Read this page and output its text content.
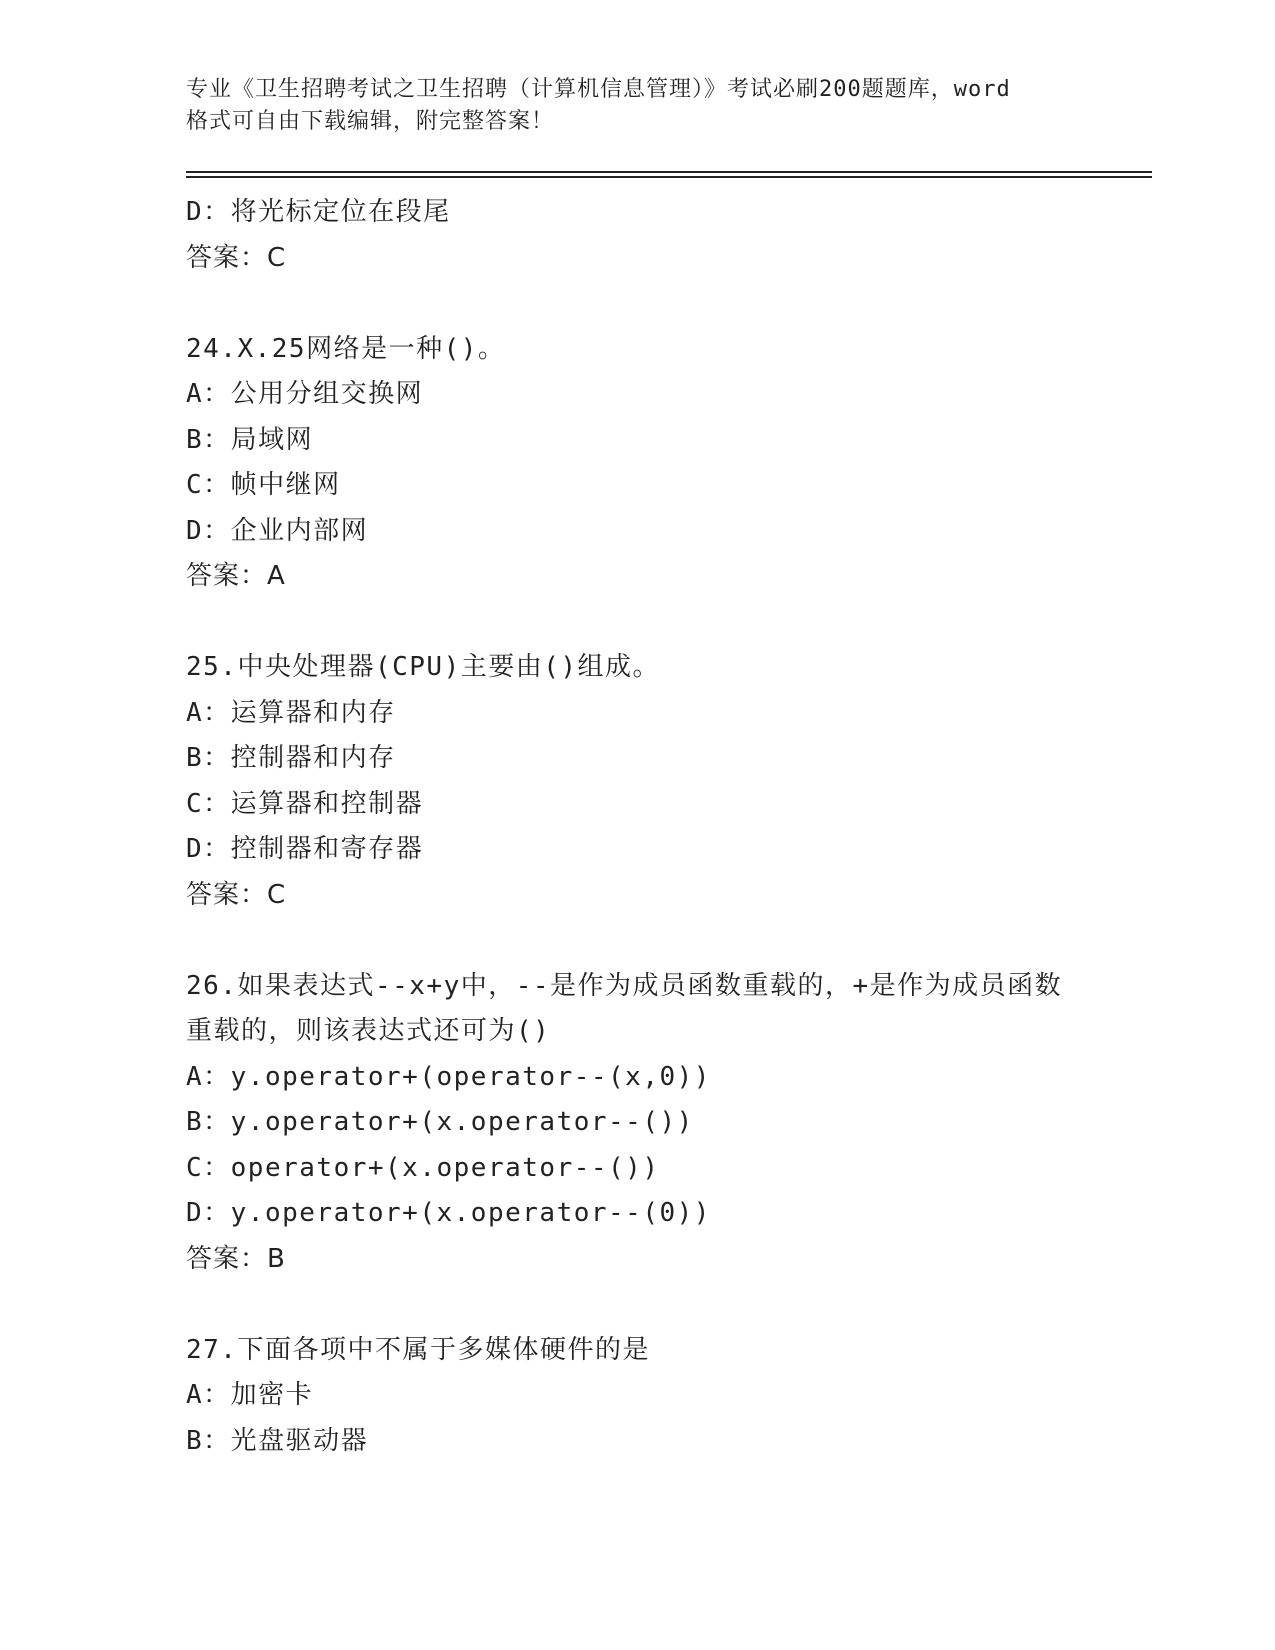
专业《卫生招聘考试之卫生招聘（计算机信息管理）》考试必刷200题题库，word
格式可自由下载编辑，附完整答案！
D：将光标定位在段尾
答案：C
24.X.25网络是一种()。
A：公用分组交换网
B：局域网
C：帧中继网
D：企业内部网
答案：A
25.中央处理器(CPU)主要由()组成。
A：运算器和内存
B：控制器和内存
C：运算器和控制器
D：控制器和寄存器
答案：C
26.如果表达式--x+y中，--是作为成员函数重载的，+是作为成员函数
重载的，则该表达式还可为()
A：y.operator+(operator--(x,0))
B：y.operator+(x.operator--())
C：operator+(x.operator--())
D：y.operator+(x.operator--(0))
答案：B
27.下面各项中不属于多媒体硬件的是
A：加密卡
B：光盘驱动器
